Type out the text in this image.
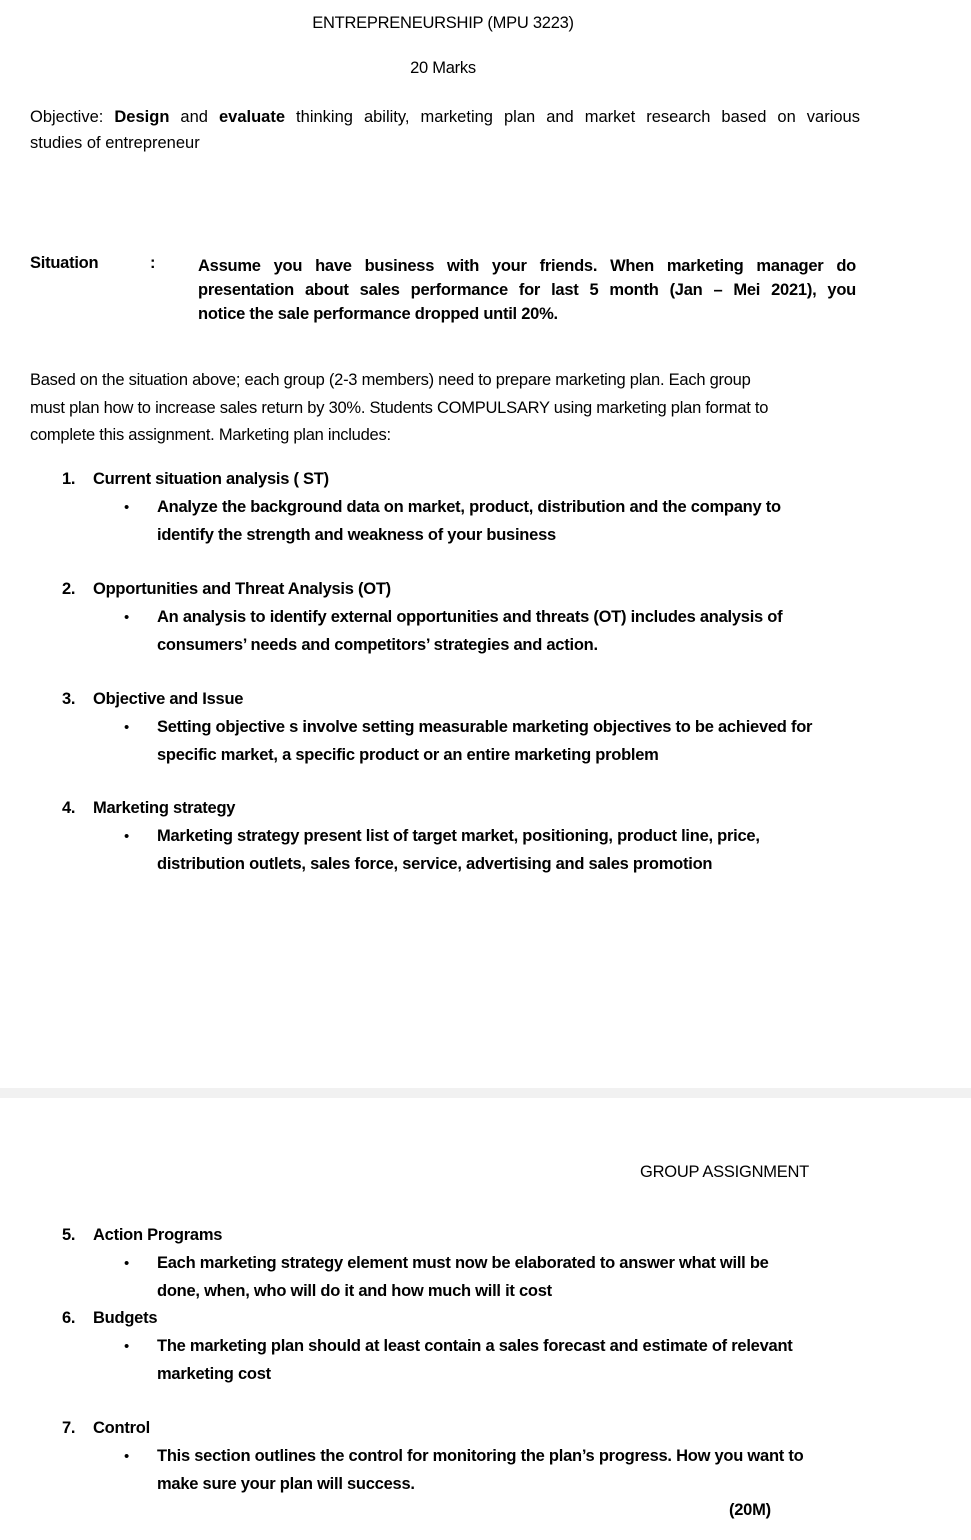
ENTREPRENEURSHIP (MPU 3223)
20 Marks
Objective: Design and evaluate thinking ability, marketing plan and market research based on various
studies of entrepreneur
Situation	:	Assume you have business with your friends. When marketing manager do
presentation about sales performance for last 5 month (Jan – Mei 2021), you
notice the sale performance dropped until 20%.
Based on the situation above; each group (2-3 members) need to prepare marketing plan. Each group
must plan how to increase sales return by 30%. Students COMPULSARY using marketing plan format to
complete this assignment. Marketing plan includes:
1. Current situation analysis ( ST)
• Analyze the background data on market, product, distribution and the company to
identify the strength and weakness of your business
2. Opportunities and Threat Analysis (OT)
• An analysis to identify external opportunities and threats (OT) includes analysis of
consumers’ needs and competitors’ strategies and action.
3. Objective and Issue
• Setting objective s involve setting measurable marketing objectives to be achieved for
specific market, a specific product or an entire marketing problem
4. Marketing strategy
• Marketing strategy present list of target market, positioning, product line, price,
distribution outlets, sales force, service, advertising and sales promotion
GROUP ASSIGNMENT
5. Action Programs
• Each marketing strategy element must now be elaborated to answer what will be
done, when, who will do it and how much will it cost
6. Budgets
• The marketing plan should at least contain a sales forecast and estimate of relevant
marketing cost
7. Control
• This section outlines the control for monitoring the plan’s progress. How you want to
make sure your plan will success.
(20M)
